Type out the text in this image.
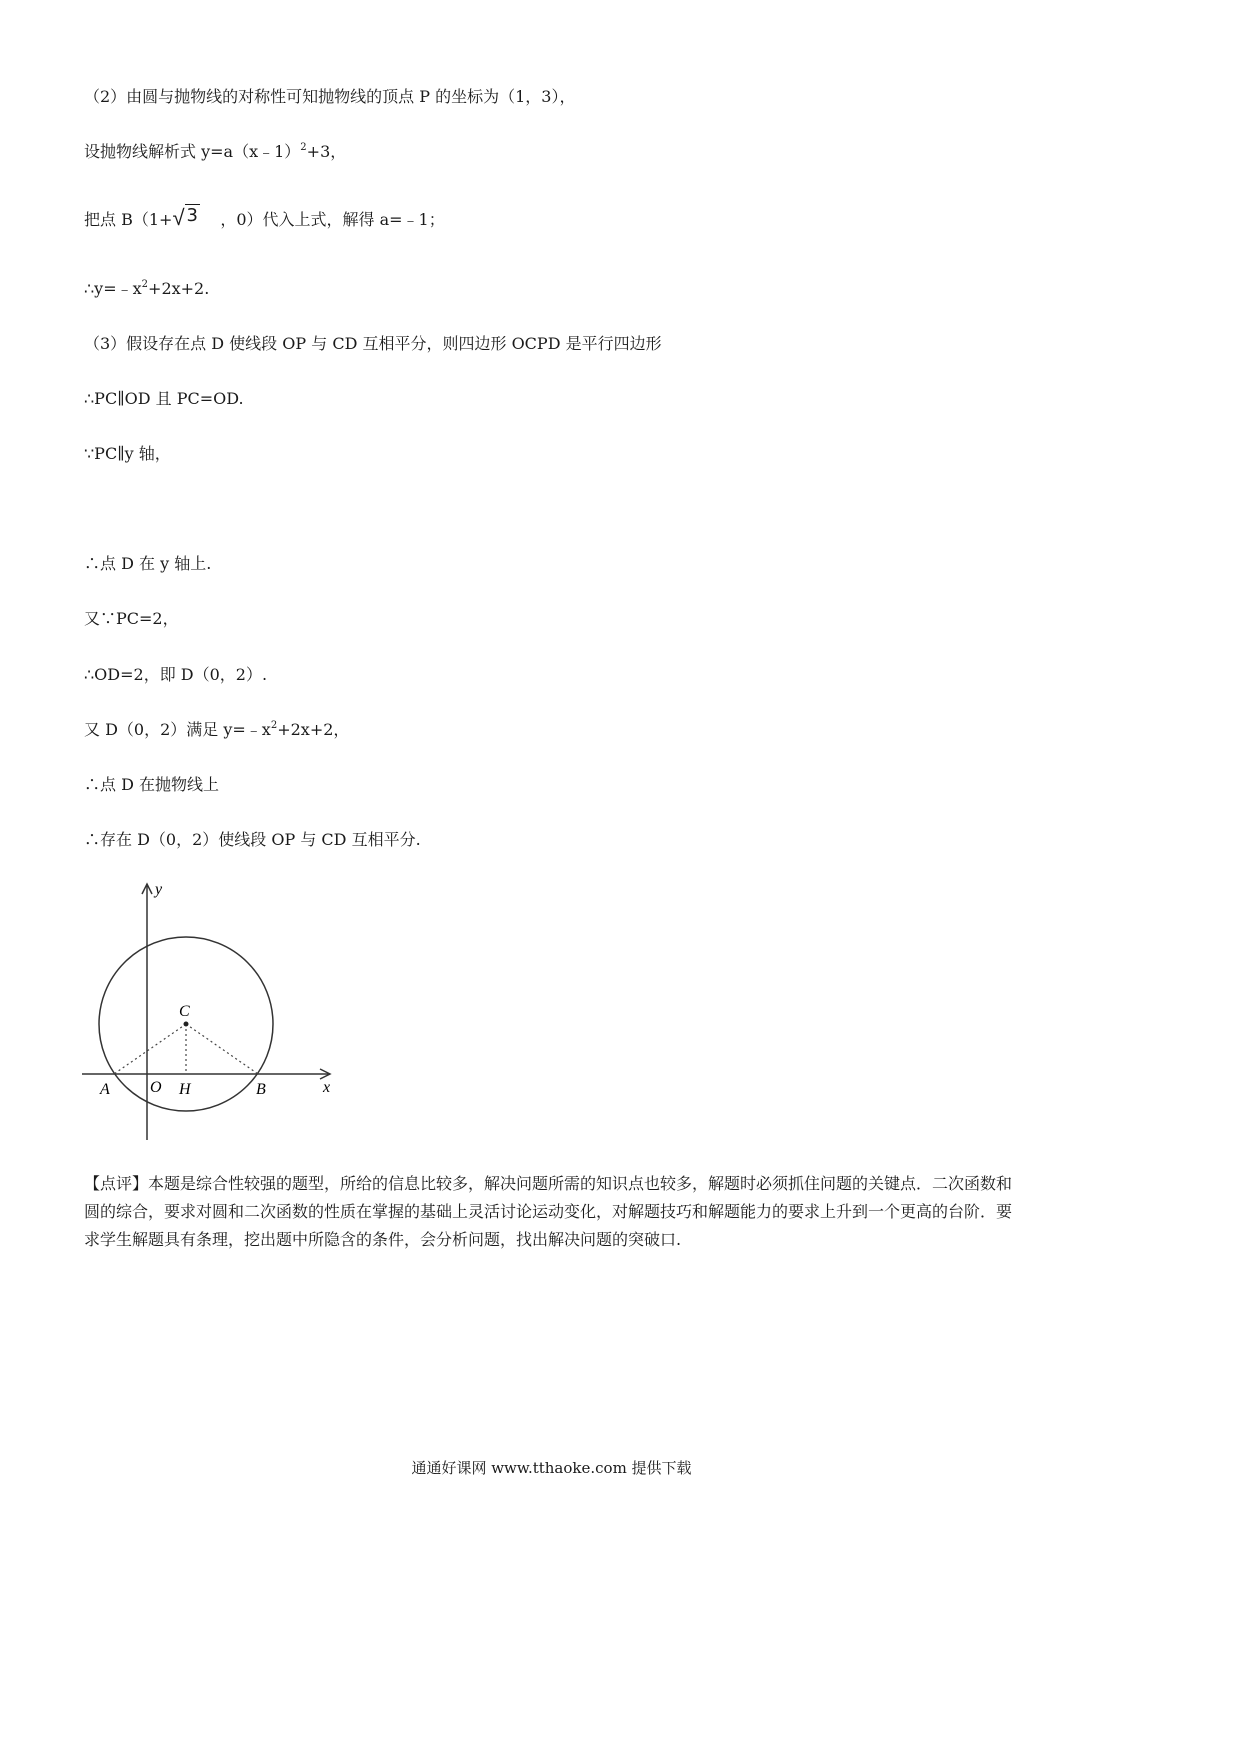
（2）由圆与抛物线的对称性可知抛物线的顶点 P 的坐标为（1，3），
设抛物线解析式 y=a（x﹣1）$^2$+3，
把点 B（1+√ 3 ，0）代入上式，解得 a=﹣1；
$\therefore y=﹣x^2+2x+2$.
（3）假设存在点 D 使线段 OP 与 CD 互相平分，则四边形 OCPD 是平行四边形
∴PC∥OD 且 PC=OD.
∵PC∥y 轴，
∴点 D 在 y 轴上.
又∵PC=2，
∴OD=2，即 D（0，2）.
又 D（0，2）满足 $y=﹣x^2+2x+2$，
∴点 D 在抛物线上
∴存在 D（0，2）使线段 OP 与 CD 互相平分.
y
x
C
A	O H	B
【点评】本题是综合性较强的题型，所给的信息比较多，解决问题所需的知识点也较多，解题时必须抓住问题的关键点．二次函数和圆的综合，要求对圆和二次函数的性质在掌握的基础上灵活讨论运动变化，对解题技巧和解题能力的要求上升到一个更高的台阶．要求学生解题具有条理，挖出题中所隐含的条件，会分析问题，找出解决问题的突破口.
通通好课网 www.tthaoke.com 提供下载
